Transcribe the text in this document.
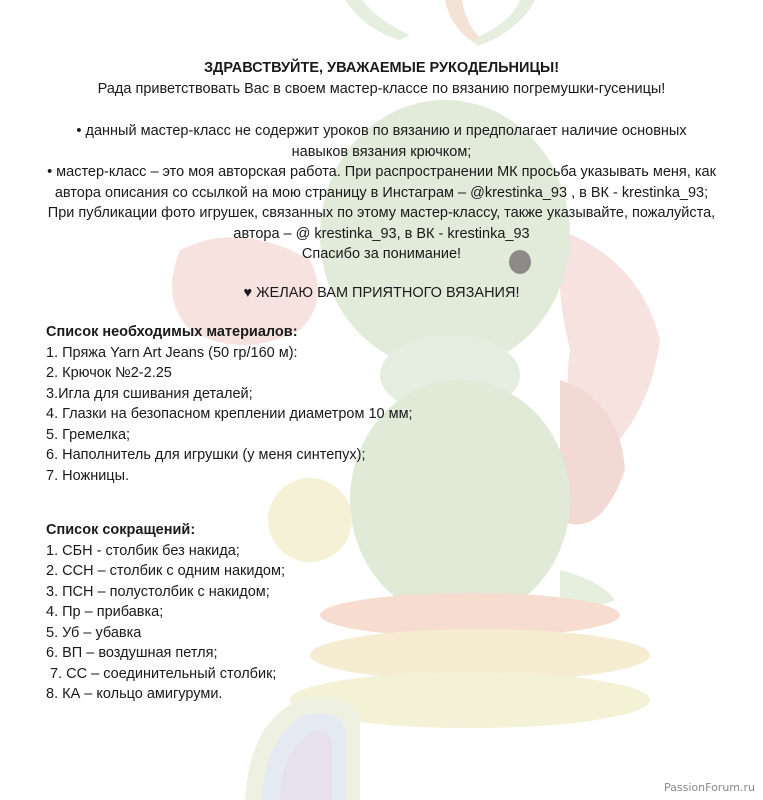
ЗДРАВСТВУЙТЕ, УВАЖАЕМЫЕ РУКОДЕЛЬНИЦЫ!
Рада приветствовать Вас в своем мастер-классе по вязанию погремушки-гусеницы!
• данный мастер-класс не содержит уроков по вязанию и предполагает наличие основных
навыков вязания крючком;
• мастер-класс – это моя авторская работа. При распространении МК просьба указывать меня, как
автора описания со ссылкой на мою страницу в Инстаграм – @krestinka_93 , в ВК - krestinka_93;
При публикации фото игрушек, связанных по этому мастер-классу, также указывайте, пожалуйста,
автора – @ krestinka_93, в ВК - krestinka_93
Спасибо за понимание!
♥ ЖЕЛАЮ ВАМ ПРИЯТНОГО ВЯЗАНИЯ!
Список необходимых материалов:
1. Пряжа Yarn Art Jeans (50 гр/160 м):
2. Крючок №2-2.25
3.Игла для сшивания деталей;
4. Глазки на безопасном креплении диаметром 10 мм;
5. Гремелка;
6. Наполнитель для игрушки (у меня синтепух);
7. Ножницы.
Список сокращений:
1. СБН - столбик без накида;
2. ССН – столбик с одним накидом;
3. ПСН – полустолбик с накидом;
4. Пр – прибавка;
5. Уб – убавка
6. ВП – воздушная петля;
7. СС – соединительный столбик;
8. КА – кольцо амигуруми.
PassionForum.ru
